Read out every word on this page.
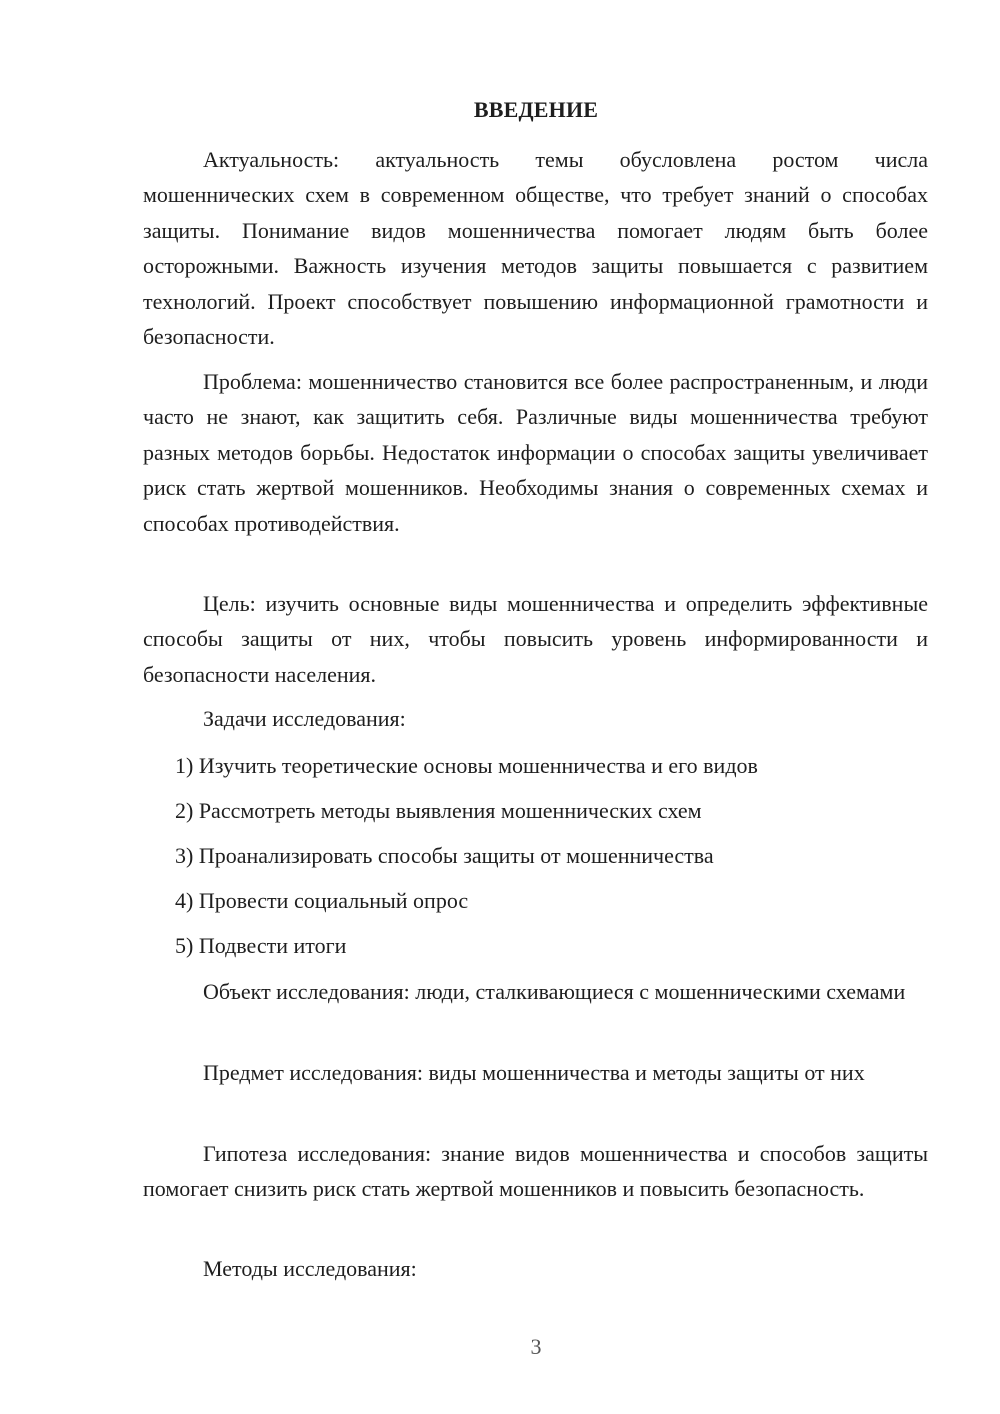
ВВЕДЕНИЕ

Актуальность: актуальность темы обусловлена ростом числа мошеннических схем в современном обществе, что требует знаний о способах защиты. Понимание видов мошенничества помогает людям быть более осторожными. Важность изучения методов защиты повышается с развитием технологий. Проект способствует повышению информационной грамотности и безопасности.

Проблема: мошенничество становится все более распространенным, и люди часто не знают, как защитить себя. Различные виды мошенничества требуют разных методов борьбы. Недостаток информации о способах защиты увеличивает риск стать жертвой мошенников. Необходимы знания о современных схемах и способах противодействия.

Цель: изучить основные виды мошенничества и определить эффективные способы защиты от них, чтобы повысить уровень информированности и безопасности населения.

Задачи исследования:
1) Изучить теоретические основы мошенничества и его видов
2) Рассмотреть методы выявления мошеннических схем
3) Проанализировать способы защиты от мошенничества
4) Провести социальный опрос
5) Подвести итоги

Объект исследования: люди, сталкивающиеся с мошенническими схемами

Предмет исследования: виды мошенничества и методы защиты от них

Гипотеза исследования: знание видов мошенничества и способов защиты помогает снизить риск стать жертвой мошенников и повысить безопасность.

Методы исследования:
3
